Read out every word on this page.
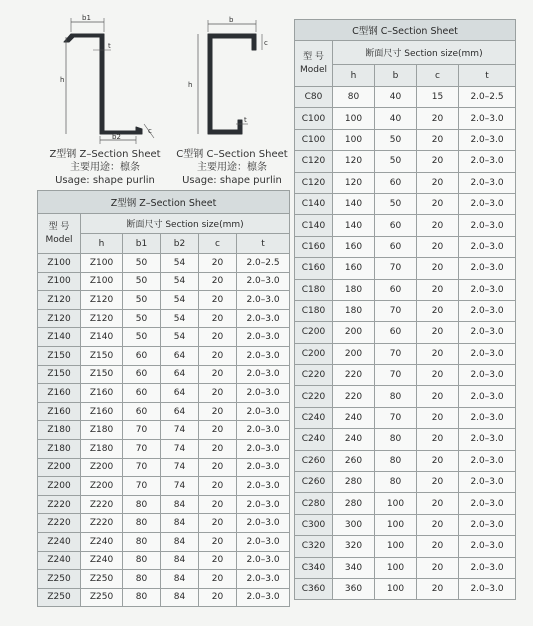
b1
h
t
b2
c
Z型钢 Z–Section Sheet
主要用途：檩条
Usage: shape purlin
b
c
h
t
C型钢 C–Section Sheet
主要用途：檩条
Usage: shape purlin
Z型钢 Z–Section Sheet					

型 号
Model	断面尺寸 Section size(mm)				
	h	b1	b2	c	t
Z100	Z100	50	54	20	2.0–2.5
Z100	Z100	50	54	20	2.0–3.0
Z120	Z120	50	54	20	2.0–3.0
Z120	Z120	50	54	20	2.0–3.0
Z140	Z140	50	54	20	2.0–3.0
Z150	Z150	60	64	20	2.0–3.0
Z150	Z150	60	64	20	2.0–3.0
Z160	Z160	60	64	20	2.0–3.0
Z160	Z160	60	64	20	2.0–3.0
Z180	Z180	70	74	20	2.0–3.0
Z180	Z180	70	74	20	2.0–3.0
Z200	Z200	70	74	20	2.0–3.0
Z200	Z200	70	74	20	2.0–3.0
Z220	Z220	80	84	20	2.0–3.0
Z220	Z220	80	84	20	2.0–3.0
Z240	Z240	80	84	20	2.0–3.0
Z240	Z240	80	84	20	2.0–3.0
Z250	Z250	80	84	20	2.0–3.0
Z250	Z250	80	84	20	2.0–3.0
C型钢 C–Section Sheet				

型 号
Model	断面尺寸 Section size(mm)			
	h	b	c	t
C80	80	40	15	2.0–2.5
C100	100	40	20	2.0–3.0
C100	100	50	20	2.0–3.0
C120	120	50	20	2.0–3.0
C120	120	60	20	2.0–3.0
C140	140	50	20	2.0–3.0
C140	140	60	20	2.0–3.0
C160	160	60	20	2.0–3.0
C160	160	70	20	2.0–3.0
C180	180	60	20	2.0–3.0
C180	180	70	20	2.0–3.0
C200	200	60	20	2.0–3.0
C200	200	70	20	2.0–3.0
C220	220	70	20	2.0–3.0
C220	220	80	20	2.0–3.0
C240	240	70	20	2.0–3.0
C240	240	80	20	2.0–3.0
C260	260	80	20	2.0–3.0
C260	280	80	20	2.0–3.0
C280	280	100	20	2.0–3.0
C300	300	100	20	2.0–3.0
C320	320	100	20	2.0–3.0
C340	340	100	20	2.0–3.0
C360	360	100	20	2.0–3.0
